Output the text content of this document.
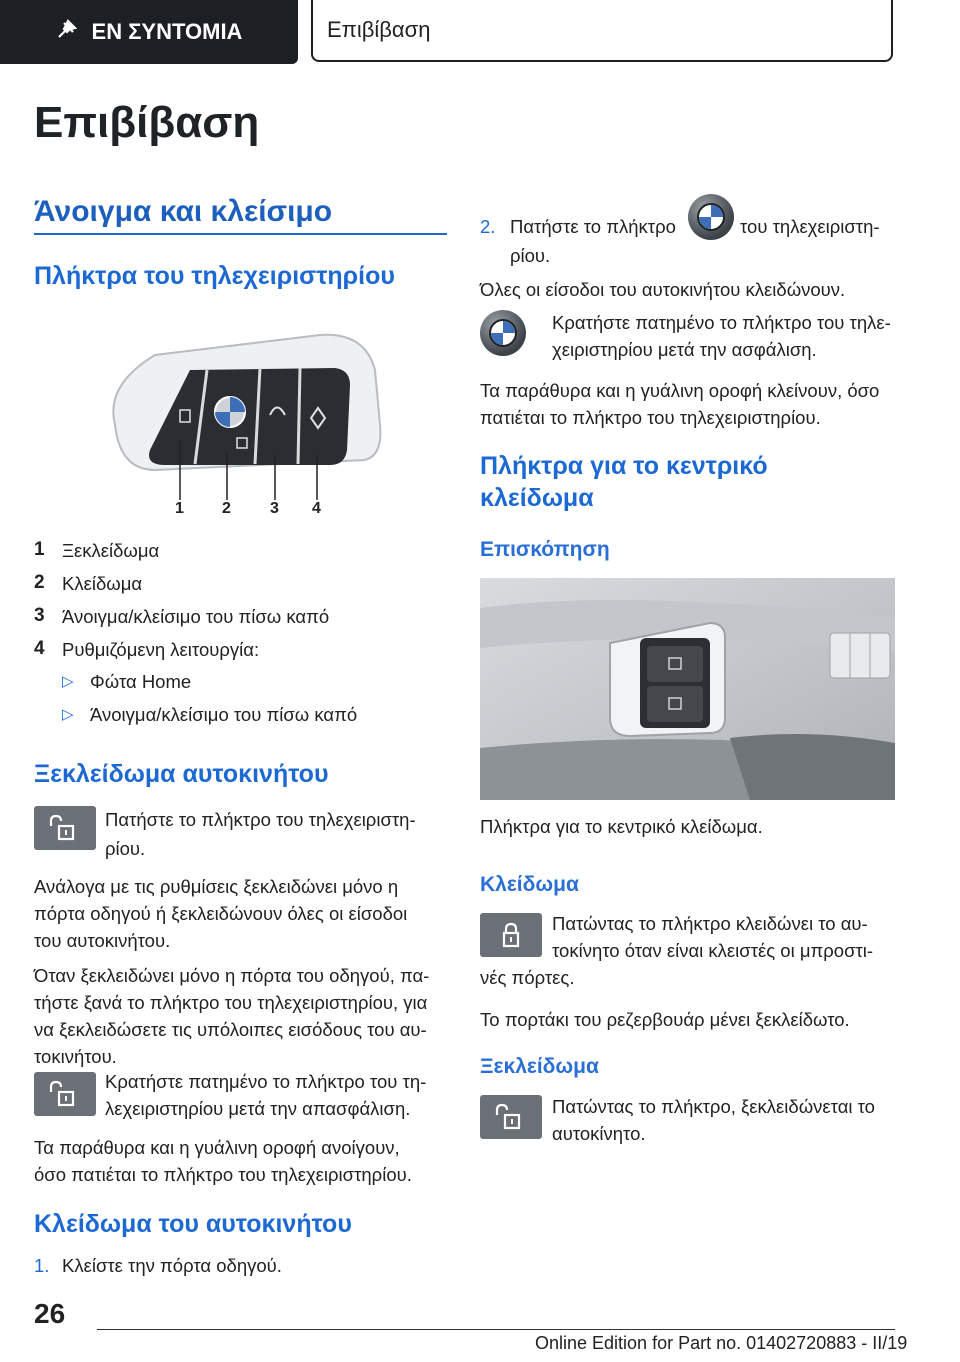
ΕΝ ΣΥΝΤΟΜΙΑ	Επιβίβαση
Επιβίβαση
Άνοιγμα και κλείσιμο
Πλήκτρα του τηλεχειριστηρίου
1 2 3 4
1 Ξεκλείδωμα
2 Κλείδωμα
3 Άνοιγμα/κλείσιμο του πίσω καπό
4 Ρυθμιζόμενη λειτουργία:
▷ Φώτα Home
▷ Άνοιγμα/κλείσιμο του πίσω καπό
Ξεκλείδωμα αυτοκινήτου
Πατήστε το πλήκτρο του τηλεχειριστη-
ρίου.
Ανάλογα με τις ρυθμίσεις ξεκλειδώνει μόνο η
πόρτα οδηγού ή ξεκλειδώνουν όλες οι είσοδοι
του αυτοκινήτου.
Όταν ξεκλειδώνει μόνο η πόρτα του οδηγού, πα-
τήστε ξανά το πλήκτρο του τηλεχειριστηρίου, για
να ξεκλειδώσετε τις υπόλοιπες εισόδους του αυ-
τοκινήτου.
Κρατήστε πατημένο το πλήκτρο του τη-
λεχειριστηρίου μετά την απασφάλιση.
Τα παράθυρα και η γυάλινη οροφή ανοίγουν,
όσο πατιέται το πλήκτρο του τηλεχειριστηρίου.
Κλείδωμα του αυτοκινήτου
1. Κλείστε την πόρτα οδηγού.
2. Πατήστε το πλήκτρο	του τηλεχειριστη-
ρίου.
Όλες οι είσοδοι του αυτοκινήτου κλειδώνουν.
Κρατήστε πατημένο το πλήκτρο του τηλε-
χειριστηρίου μετά την ασφάλιση.
Τα παράθυρα και η γυάλινη οροφή κλείνουν, όσο
πατιέται το πλήκτρο του τηλεχειριστηρίου.
Πλήκτρα για το κεντρικό
κλείδωμα
Επισκόπηση
Πλήκτρα για το κεντρικό κλείδωμα.
Κλείδωμα
Πατώντας το πλήκτρο κλειδώνει το αυ-
τοκίνητο όταν είναι κλειστές οι μπροστι-
νές πόρτες.
Το πορτάκι του ρεζερβουάρ μένει ξεκλείδωτο.
Ξεκλείδωμα
Πατώντας το πλήκτρο, ξεκλειδώνεται το
αυτοκίνητο.
26
Online Edition for Part no. 01402720883 - II/19
